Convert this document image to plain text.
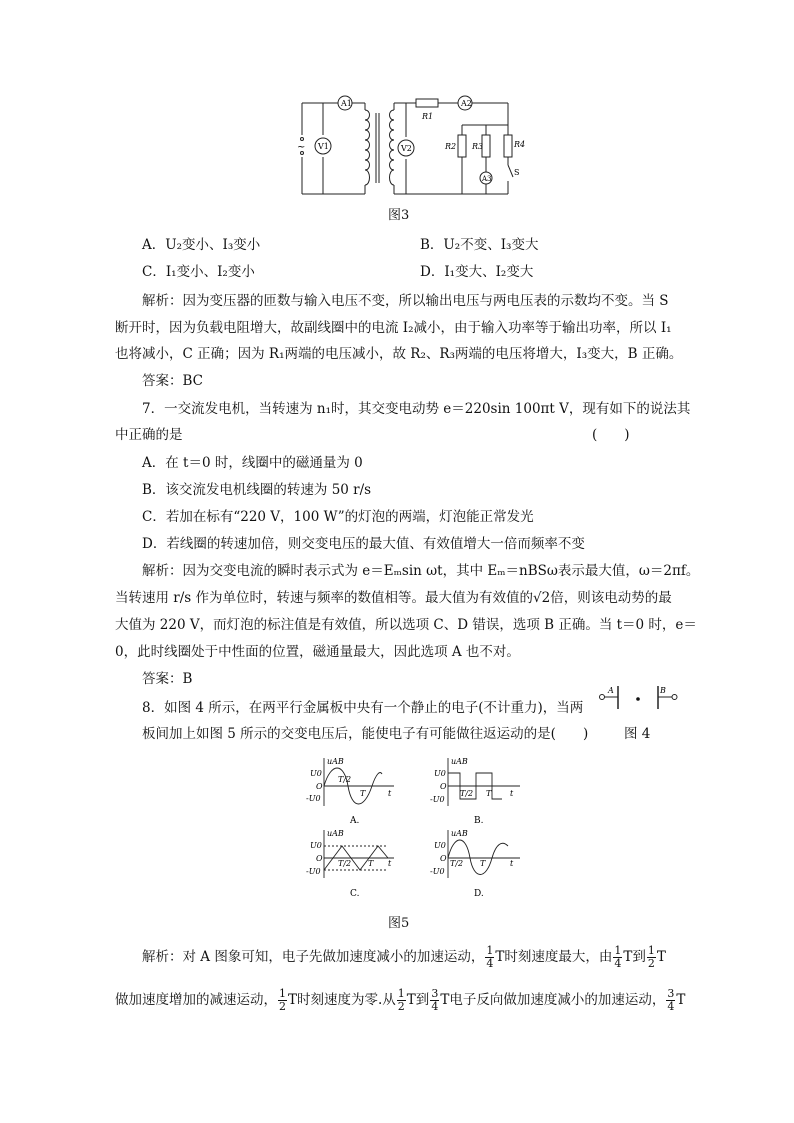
~
A1
V1	V2
A2
A3
R1
R2 R3	R4
S
图3
A．U₂变小、I₃变小	B．U₂不变、I₃变大
C．I₁变小、I₂变小	D．I₁变大、I₂变大
解析：因为变压器的匝数与输入电压不变，所以输出电压与两电压表的示数均不变。当 S
断开时，因为负载电阻增大，故副线圈中的电流 I₂减小，由于输入功率等于输出功率，所以 I₁
也将减小，C 正确；因为 R₁两端的电压减小，故 R₂、R₃两端的电压将增大，I₃变大，B 正确。
答案：BC
7．一交流发电机，当转速为 n₁时，其交变电动势 e＝220sin 100πt V，现有如下的说法其
中正确的是	(　　)
A．在 t＝0 时，线圈中的磁通量为 0
B．该交流发电机线圈的转速为 50 r/s
C．若加在标有“220 V，100 W”的灯泡的两端，灯泡能正常发光
D．若线圈的转速加倍，则交变电压的最大值、有效值增大一倍而频率不变
解析：因为交变电流的瞬时表示式为 e＝Eₘsin ωt，其中 Eₘ＝nBSω表示最大值，ω＝2πf。
当转速用 r/s 作为单位时，转速与频率的数值相等。最大值为有效值的√2倍，则该电动势的最
大值为 220 V，而灯泡的标注值是有效值，所以选项 C、D 错误，选项 B 正确。当 t＝0 时，e＝
0，此时线圈处于中性面的位置，磁通量最大，因此选项 A 也不对。
答案：B
8．如图 4 所示，在两平行金属板中央有一个静止的电子(不计重力)，当两
板间加上如图 5 所示的交变电压后，能使电子有可能做往返运动的是(　　)	图 4
A	B
uAB
U0
O
-U0
T/2
T	t
uAB
U0
O
-U0
T/2 T t
uAB
U0
O
-U0
T/2 T t
uAB
U0
O
-U0
T/2 T	t
A.	B.
C.	D.
图5
解析：对 A 图象可知，电子先做加速度减小的加速运动， $\frac{1}{4}$ T时刻速度最大，由 $\frac{1}{4}$ T到 $\frac{1}{2}$ T
做加速度增加的减速运动， $\frac{1}{2}$ T时刻速度为零.从 $\frac{1}{2}$ T到 $\frac{3}{4}$ T电子反向做加速度减小的加速运动， $\frac{3}{4}$ T
